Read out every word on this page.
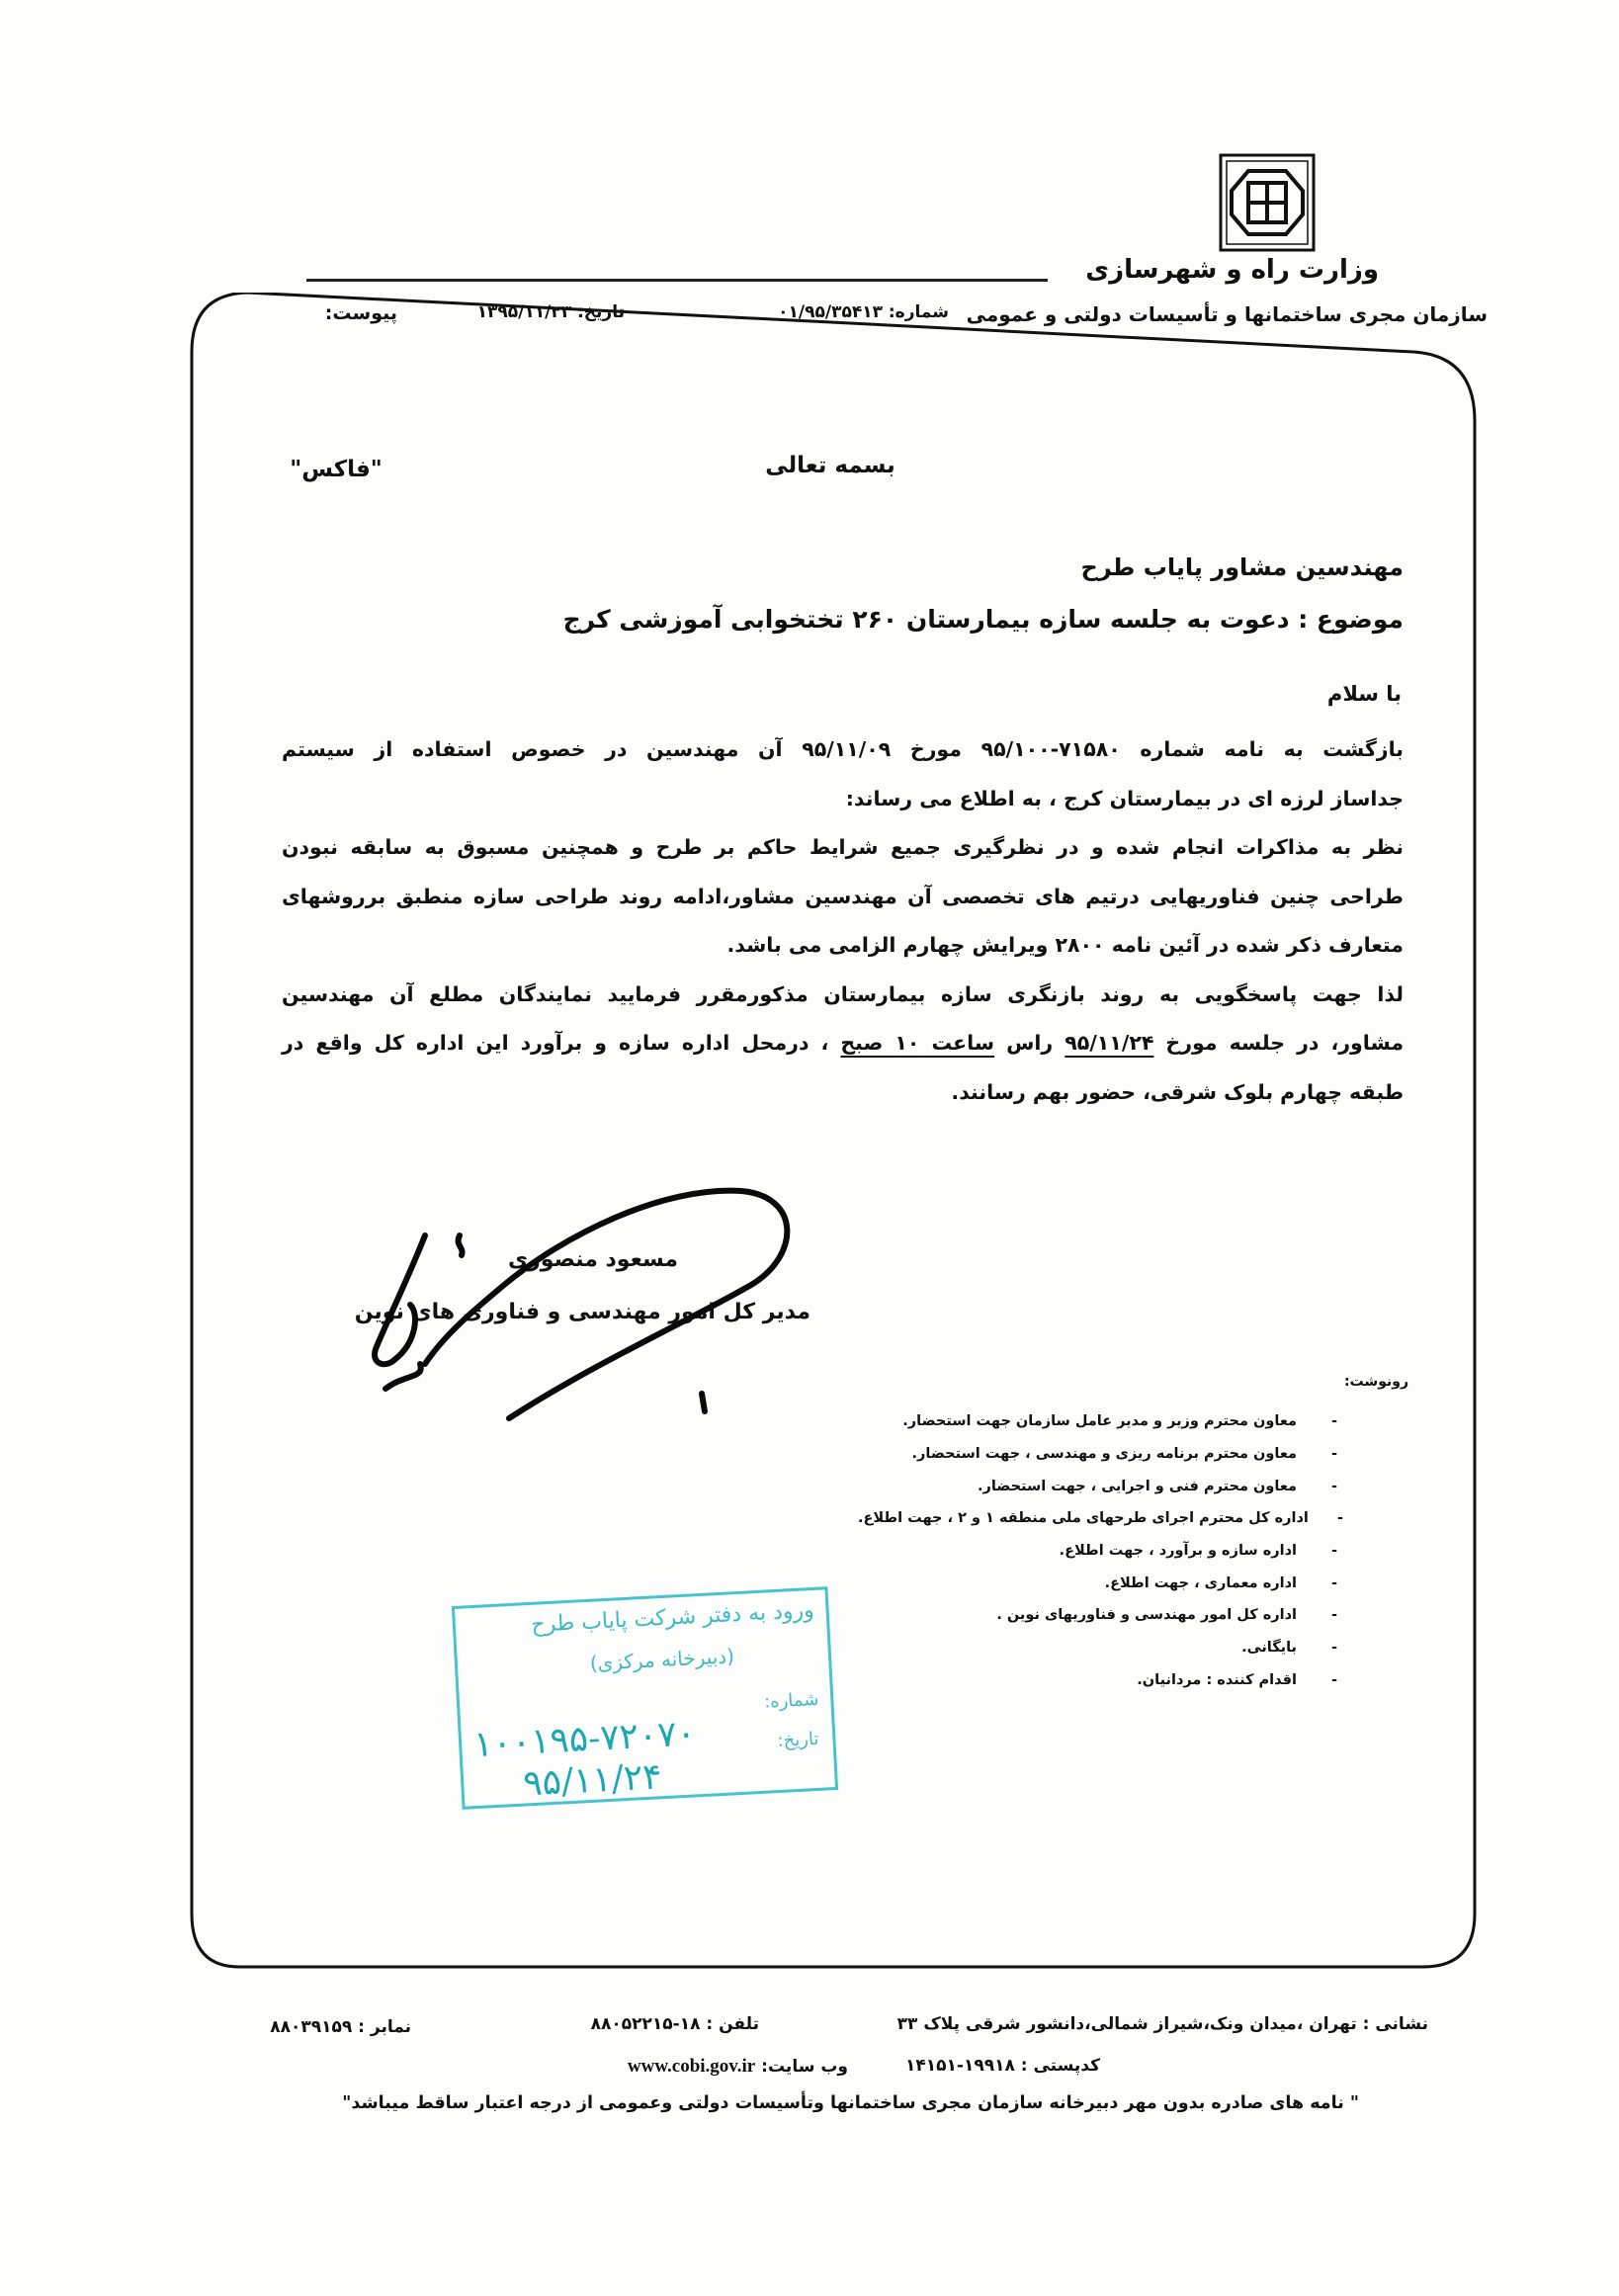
وزارت راه و شهرسازی
سازمان مجری ساختمانها و تأسیسات دولتی و عمومی
شماره: ۰۱/۹۵/۳۵۴۱۳
تاریخ: ۱۳۹۵/۱۱/۲۳
پیوست:
بسمه تعالی
"فاکس"
مهندسین مشاور پایاب طرح
موضوع : دعوت به جلسه سازه بیمارستان ۲۶۰ تختخوابی آموزشی کرج
با سلام
بازگشت به نامه شماره ۷۱۵۸۰-۹۵/۱۰۰ مورخ ۹۵/۱۱/۰۹ آن مهندسین در خصوص استفاده از سیستم
جداساز لرزه ای در بیمارستان کرج ، به اطلاع می رساند:
نظر به مذاکرات انجام شده و در نظرگیری جمیع شرایط حاکم بر طرح و همچنین مسبوق به سابقه نبودن
طراحی چنین فناوریهایی درتیم های تخصصی آن مهندسین مشاور،ادامه روند طراحی سازه منطبق برروشهای
متعارف ذکر شده در آئین نامه ۲۸۰۰ ویرایش چهارم الزامی می باشد.
لذا جهت پاسخگویی به روند بازنگری سازه بیمارستان مذکورمقرر فرمایید نمایندگان مطلع آن مهندسین
مشاور، در جلسه مورخ ۹۵/۱۱/۲۴ راس ساعت ۱۰ صبح ، درمحل اداره سازه و برآورد این اداره کل واقع در
طبقه چهارم بلوک شرقی، حضور بهم رسانند.
مسعود منصوری
مدیر کل امور مهندسی و فناوری های نوین
رونوشت:
-
معاون محترم وزیر و مدیر عامل سازمان جهت استحضار.
-
معاون محترم برنامه ریزی و مهندسی ، جهت استحضار.
-
معاون محترم فنی و اجرایی ، جهت استحضار.
-
اداره کل محترم اجرای طرحهای ملی منطقه ۱ و ۲ ، جهت اطلاع.
-
اداره سازه و برآورد ، جهت اطلاع.
-
اداره معماری ، جهت اطلاع.
-
اداره کل امور مهندسی و فناوریهای نوین .
-
بایگانی.
-
اقدام کننده : مردانیان.
ورود به دفتر شرکت پایاب طرح
(دبیرخانه مرکزی)
شماره:
تاریخ:
۱۰۰۱۹۵-۷۲۰۷۰
۹۵/۱۱/۲۴
نشانی : تهران ،میدان ونک،شیراز شمالی،دانشور شرقی پلاک ۳۳
تلفن : ۱۸-۸۸۰۵۲۲۱۵
نمابر : ۸۸۰۳۹۱۵۹
کدپستی : ۱۹۹۱۸-۱۴۱۵۱
وب سایت: www.cobi.gov.ir
" نامه های صادره بدون مهر دبیرخانه سازمان مجری ساختمانها وتأسیسات دولتی وعمومی از درجه اعتبار ساقط میباشد"
